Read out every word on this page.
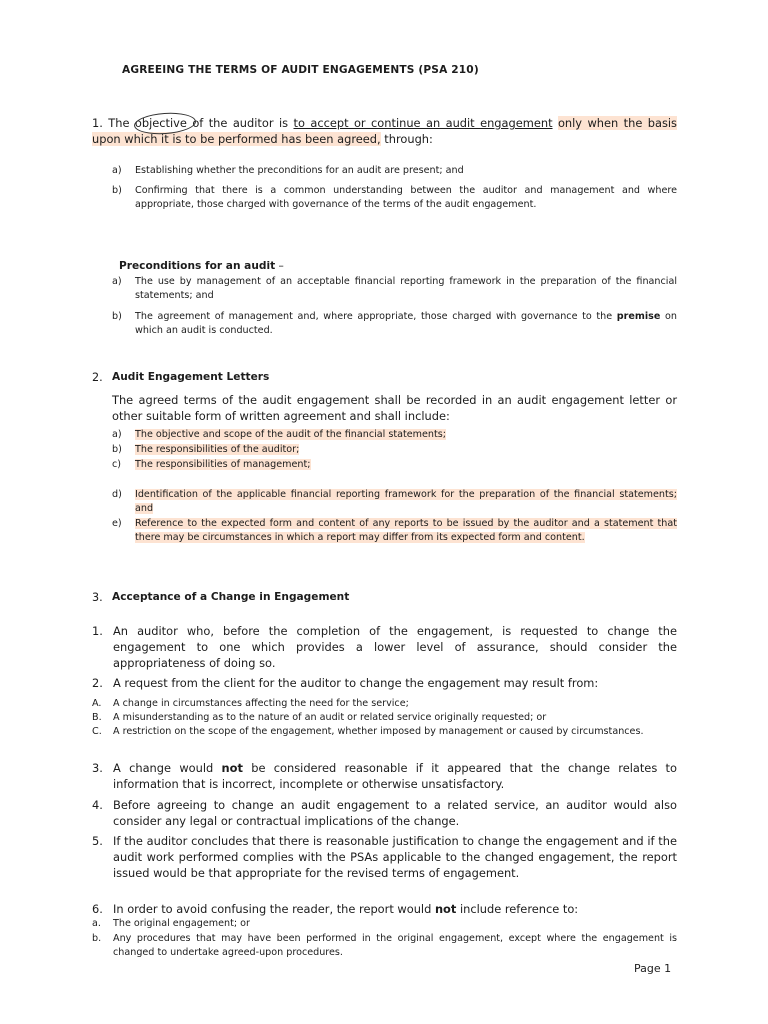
AGREEING THE TERMS OF AUDIT ENGAGEMENTS (PSA 210)
1. The objective of the auditor is to accept or continue an audit engagement only when the basis upon which it is to be performed has been agreed, through:
a) Establishing whether the preconditions for an audit are present; and
b) Confirming that there is a common understanding between the auditor and management and where appropriate, those charged with governance of the terms of the audit engagement.
Preconditions for an audit –
a) The use by management of an acceptable financial reporting framework in the preparation of the financial statements; and
b) The agreement of management and, where appropriate, those charged with governance to the premise on which an audit is conducted.
2. Audit Engagement Letters
The agreed terms of the audit engagement shall be recorded in an audit engagement letter or other suitable form of written agreement and shall include:
a) The objective and scope of the audit of the financial statements;
b) The responsibilities of the auditor;
c) The responsibilities of management;
d) Identification of the applicable financial reporting framework for the preparation of the financial statements; and
e) Reference to the expected form and content of any reports to be issued by the auditor and a statement that there may be circumstances in which a report may differ from its expected form and content.
3. Acceptance of a Change in Engagement
1. An auditor who, before the completion of the engagement, is requested to change the engagement to one which provides a lower level of assurance, should consider the appropriateness of doing so.
2. A request from the client for the auditor to change the engagement may result from:
A. A change in circumstances affecting the need for the service;
B. A misunderstanding as to the nature of an audit or related service originally requested; or
C. A restriction on the scope of the engagement, whether imposed by management or caused by circumstances.
3. A change would not be considered reasonable if it appeared that the change relates to information that is incorrect, incomplete or otherwise unsatisfactory.
4. Before agreeing to change an audit engagement to a related service, an auditor would also consider any legal or contractual implications of the change.
5. If the auditor concludes that there is reasonable justification to change the engagement and if the audit work performed complies with the PSAs applicable to the changed engagement, the report issued would be that appropriate for the revised terms of engagement.
6. In order to avoid confusing the reader, the report would not include reference to:
a. The original engagement; or
b. Any procedures that may have been performed in the original engagement, except where the engagement is changed to undertake agreed-upon procedures.
Page 1
